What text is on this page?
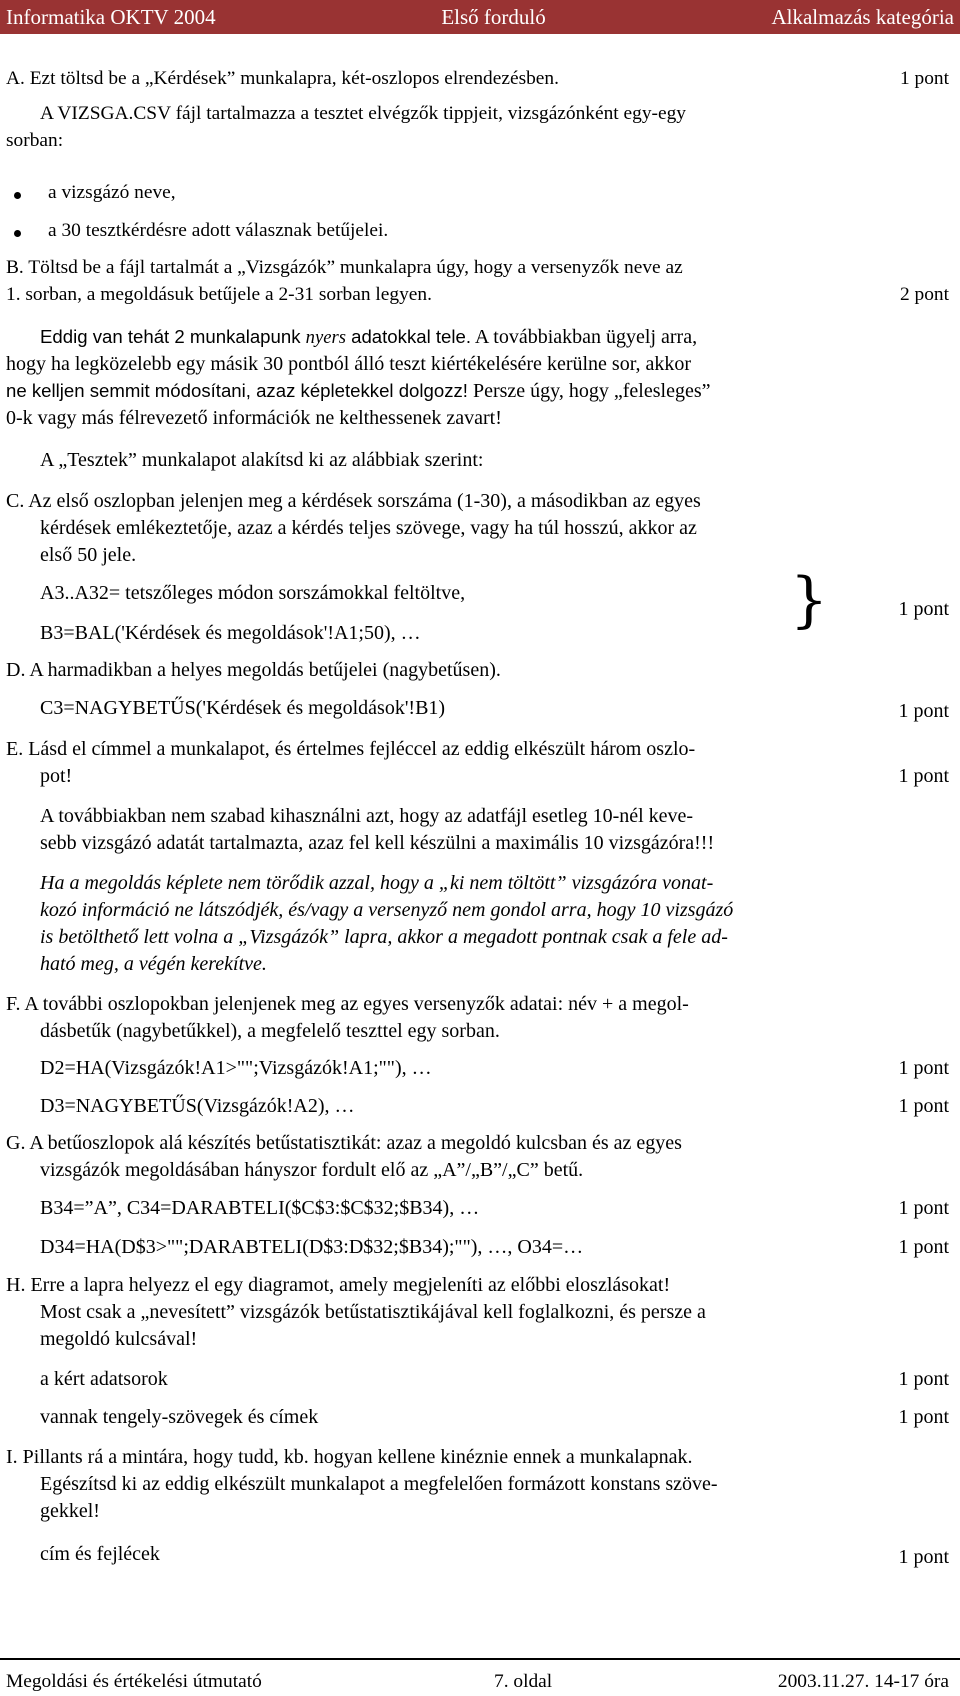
Informatika OKTV 2004	Első forduló	Alkalmazás kategória
A. Ezt töltsd be a „Kérdések” munkalapra, két-oszlopos elrendezésben.	1 pont
A VIZSGA.CSV fájl tartalmazza a tesztet elvégzők tippjeit, vizsgázónként egy-egy
sorban:
a vizsgázó neve,
a 30 tesztkérdésre adott válasznak betűjelei.
B. Töltsd be a fájl tartalmát a „Vizsgázók” munkalapra úgy, hogy a versenyzők neve az
1. sorban, a megoldásuk betűjele a 2-31 sorban legyen.	2 pont
Eddig van tehát 2 munkalapunk nyers adatokkal tele. A továbbiakban ügyelj arra,
hogy ha legközelebb egy másik 30 pontból álló teszt kiértékelésére kerülne sor, akkor
ne kelljen semmit módosítani, azaz képletekkel dolgozz! Persze úgy, hogy „felesleges”
0-k vagy más félrevezető információk ne kelthessenek zavart!
A „Tesztek” munkalapot alakítsd ki az alábbiak szerint:
C. Az első oszlopban jelenjen meg a kérdések sorszáma (1-30), a másodikban az egyes
kérdések emlékeztetője, azaz a kérdés teljes szövege, vagy ha túl hosszú, akkor az
első 50 jele.
A3..A32= tetszőleges módon sorszámokkal feltöltve,
B3=BAL('Kérdések és megoldások'!A1;50), …	}	1 pont
D. A harmadikban a helyes megoldás betűjelei (nagybetűsen).
C3=NAGYBETŰS('Kérdések és megoldások'!B1)	1 pont
E. Lásd el címmel a munkalapot, és értelmes fejléccel az eddig elkészült három oszlo-
pot!	1 pont
A továbbiakban nem szabad kihasználni azt, hogy az adatfájl esetleg 10-nél keve-
sebb vizsgázó adatát tartalmazta, azaz fel kell készülni a maximális 10 vizsgázóra!!!
Ha a megoldás képlete nem törődik azzal, hogy a „ki nem töltött” vizsgázóra vonat-
kozó információ ne látszódjék, és/vagy a versenyző nem gondol arra, hogy 10 vizsgázó
is betölthető lett volna a „Vizsgázók” lapra, akkor a megadott pontnak csak a fele ad-
ható meg, a végén kerekítve.
F. A további oszlopokban jelenjenek meg az egyes versenyzők adatai: név + a megol-
dásbetűk (nagybetűkkel), a megfelelő teszttel egy sorban.
D2=HA(Vizsgázók!A1>"";Vizsgázók!A1;""), …	1 pont
D3=NAGYBETŰS(Vizsgázók!A2), …	1 pont
G. A betűoszlopok alá készítés betűstatisztikát: azaz a megoldó kulcsban és az egyes
vizsgázók megoldásában hányszor fordult elő az „A”/„B”/„C” betű.
B34=”A”, C34=DARABTELI($C$3:$C$32;$B34), …	1 pont
D34=HA(D$3>"";DARABTELI(D$3:D$32;$B34);""), …, O34=…	1 pont
H. Erre a lapra helyezz el egy diagramot, amely megjeleníti az előbbi eloszlásokat!
Most csak a „nevesített” vizsgázók betűstatisztikájával kell foglalkozni, és persze a
megoldó kulcsával!
a kért adatsorok	1 pont
vannak tengely-szövegek és címek	1 pont
I. Pillants rá a mintára, hogy tudd, kb. hogyan kellene kinéznie ennek a munkalapnak.
Egészítsd ki az eddig elkészült munkalapot a megfelelően formázott konstans szöve-
gekkel!
cím és fejlécek	1 pont
Megoldási és értékelési útmutató	7. oldal	2003.11.27. 14-17 óra
